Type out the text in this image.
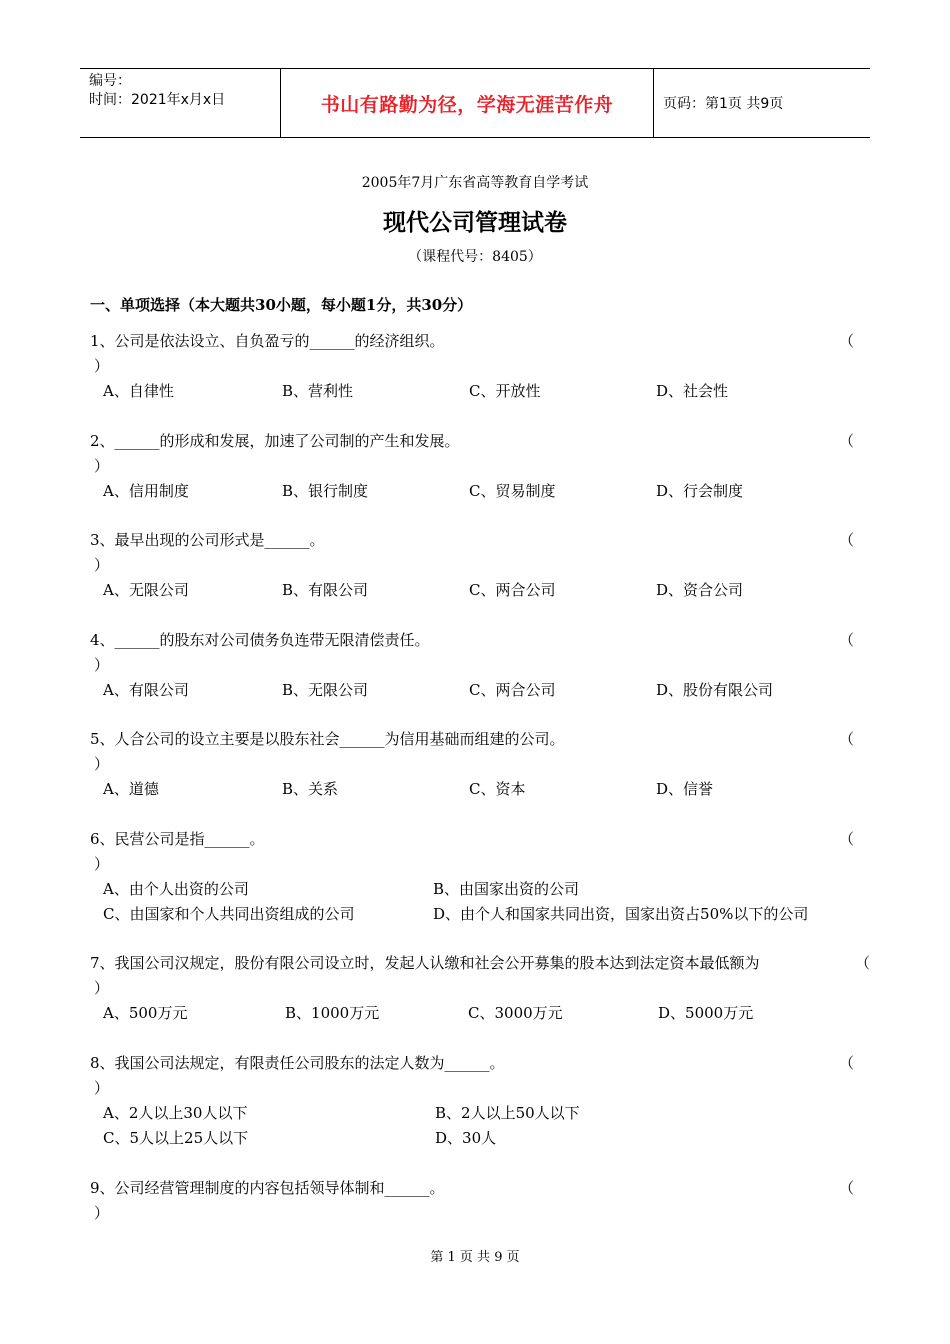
编号：
时间：2021年x月x日	书山有路勤为径，学海无涯苦作舟	页码：第1页 共9页
2005年7月广东省高等教育自学考试
现代公司管理试卷
（课程代号：8405）
一、单项选择（本大题共30小题，每小题1分，共30分）
1、公司是依法设立、自负盈亏的______的经济组织。	（
）
A、自律性	B、营利性	C、开放性	D、社会性
2、______的形成和发展，加速了公司制的产生和发展。	（
）
A、信用制度	B、银行制度	C、贸易制度	D、行会制度
3、最早出现的公司形式是______。	（
）
A、无限公司	B、有限公司	C、两合公司	D、资合公司
4、______的股东对公司债务负连带无限清偿责任。	（
）
A、有限公司	B、无限公司	C、两合公司	D、股份有限公司
5、人合公司的设立主要是以股东社会______为信用基础而组建的公司。	（
）
A、道德	B、关系	C、资本	D、信誉
6、民营公司是指______。	（
）
A、由个人出资的公司	B、由国家出资的公司
C、由国家和个人共同出资组成的公司	D、由个人和国家共同出资，国家出资占50%以下的公司
7、我国公司汉规定，股份有限公司设立时，发起人认缴和社会公开募集的股本达到法定资本最低额为	（
）
A、500万元	B、1000万元	C、3000万元	D、5000万元
8、我国公司法规定，有限责任公司股东的法定人数为______。	（
）
A、2人以上30人以下	B、2人以上50人以下
C、5人以上25人以下	D、30人
9、公司经营管理制度的内容包括领导体制和______。	（
）
第 1 页 共 9 页
